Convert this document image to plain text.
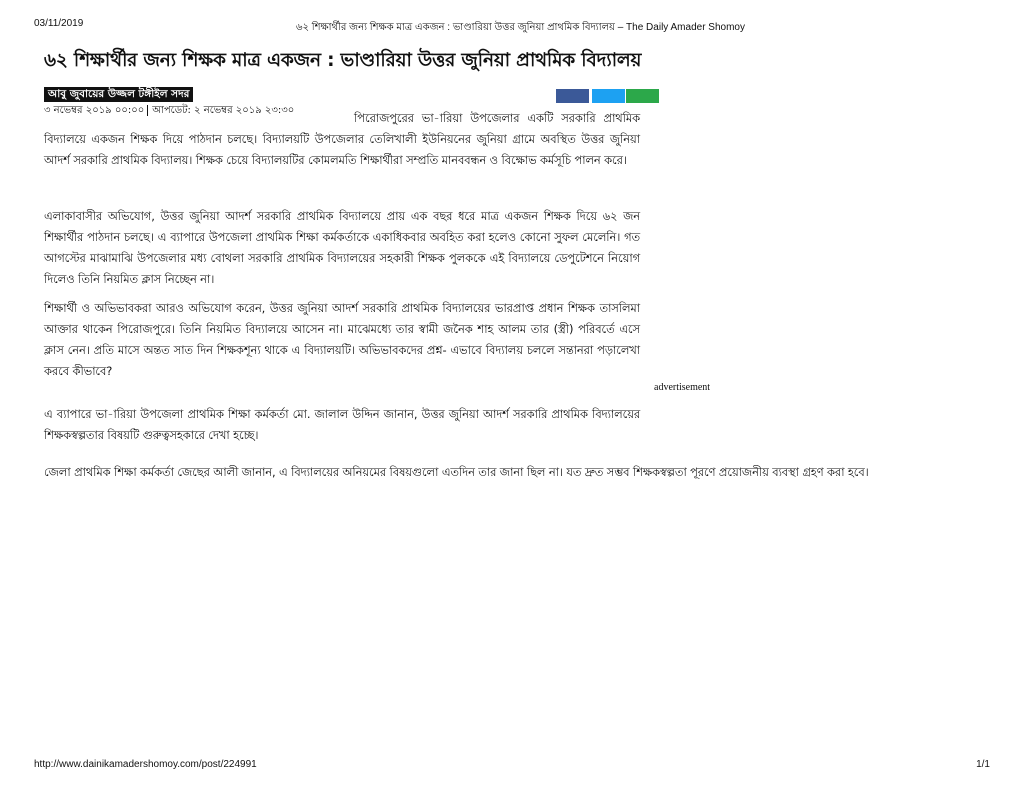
03/11/2019	৬২ শিক্ষার্থীর জন্য শিক্ষক মাত্র একজন : ভাণ্ডারিয়া উত্তর জুনিয়া প্রাথমিক বিদ্যালয় – The Daily Amader Shomoy
৬২ শিক্ষার্থীর জন্য শিক্ষক মাত্র একজন : ভাণ্ডারিয়া উত্তর জুনিয়া প্রাথমিক বিদ্যালয়
আবু জুবায়ের উজ্জল টঙ্গীইল সদর
৩ নভেম্বর ২০১৯ ০০:০০ আপডেট: ২ নভেম্বর ২০১৯ ২৩:৩০

পিরোজপুরের ভা-ারিয়া উপজেলার একটি সরকারি প্রাথমিক বিদ্যালয়ে একজন শিক্ষক দিয়ে পাঠদান চলছে। বিদ্যালয়টি উপজেলার তেলিখালী ইউনিয়নের জুনিয়া গ্রামে অবস্থিত উত্তর জুনিয়া আদর্শ সরকারি প্রাথমিক বিদ্যালয়। শিক্ষক চেয়ে বিদ্যালয়টির কোমলমতি শিক্ষার্থীরা সম্প্রতি মানববন্ধন ও বিক্ষোভ কর্মসূচি পালন করে।

এলাকাবাসীর অভিযোগ, উত্তর জুনিয়া আদর্শ সরকারি প্রাথমিক বিদ্যালয়ে প্রায় এক বছর ধরে মাত্র একজন শিক্ষক দিয়ে ৬২ জন শিক্ষার্থীর পাঠদান চলছে। এ ব্যাপারে উপজেলা প্রাথমিক শিক্ষা কর্মকর্তাকে একাধিকবার অবহিত করা হলেও কোনো সুফল মেলেনি। গত আগস্টের মাঝামাঝি উপজেলার মধ্য বোথলা সরকারি প্রাথমিক বিদ্যালয়ের সহকারী শিক্ষক পুলককে এই বিদ্যালয়ে ডেপুটেশনে নিয়োগ দিলেও তিনি নিয়মিত ক্লাস নিচ্ছেন না।

শিক্ষার্থী ও অভিভাবকরা আরও অভিযোগ করেন, উত্তর জুনিয়া আদর্শ সরকারি প্রাথমিক বিদ্যালয়ের ভারপ্রাপ্ত প্রধান শিক্ষক তাসলিমা আক্তার থাকেন পিরোজপুরে। তিনি নিয়মিত বিদ্যালয়ে আসেন না। মাঝেমধ্যে তার স্বামী জনৈক শাহ আলম তার (স্ত্রী) পরিবর্তে এসে ক্লাস নেন। প্রতি মাসে অন্তত সাত দিন শিক্ষকশূন্য থাকে এ বিদ্যালয়টি। অভিভাবকদের প্রশ্ন- এভাবে বিদ্যালয় চললে সন্তানরা পড়ালেখা করবে কীভাবে?

advertisement

এ ব্যাপারে ভা-ারিয়া উপজেলা প্রাথমিক শিক্ষা কর্মকর্তা মো. জালাল উদ্দিন জানান, উত্তর জুনিয়া আদর্শ সরকারি প্রাথমিক বিদ্যালয়ের শিক্ষকস্বল্পতার বিষয়টি গুরুত্বসহকারে দেখা হচ্ছে।

জেলা প্রাথমিক শিক্ষা কর্মকর্তা জেছের আলী জানান, এ বিদ্যালয়ের অনিয়মের বিষয়গুলো এতদিন তার জানা ছিল না। যত দ্রুত সম্ভব শিক্ষকস্বল্পতা পূরণে প্রয়োজনীয় ব্যবস্থা গ্রহণ করা হবে।

http://www.dainikamadershomoy.com/post/224991	1/1
